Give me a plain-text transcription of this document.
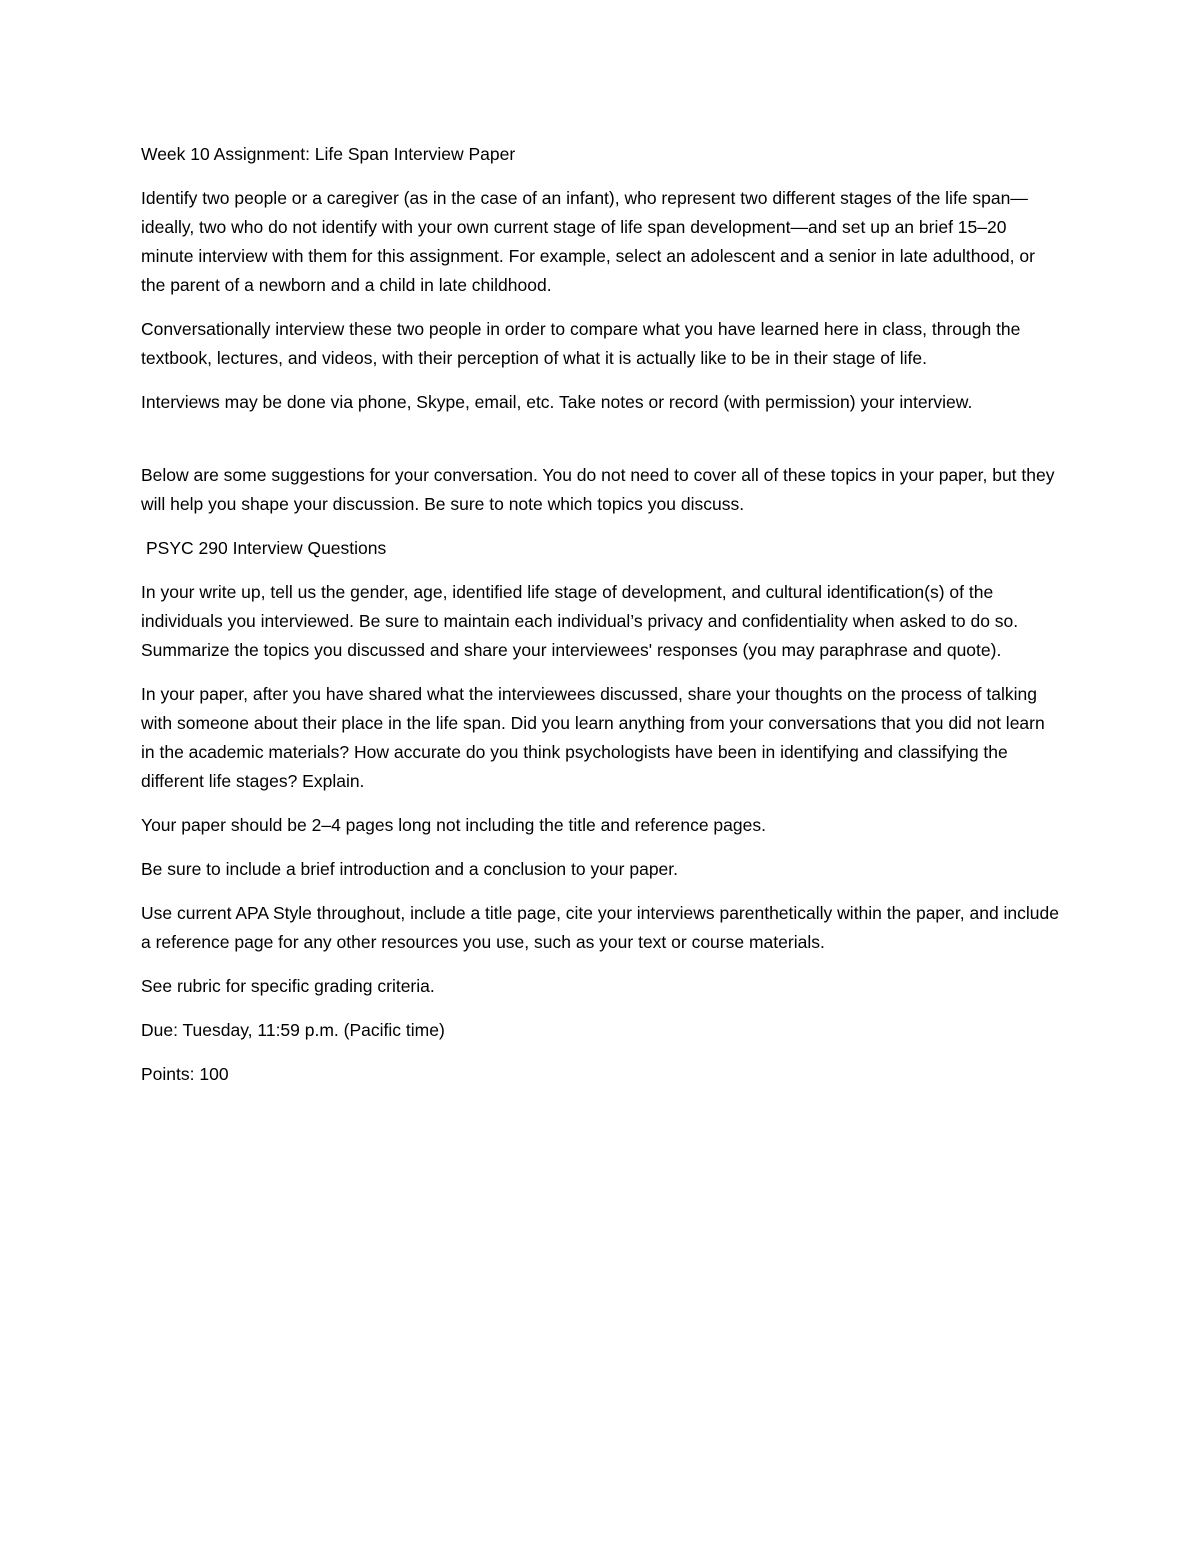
Week 10 Assignment: Life Span Interview Paper

Identify two people or a caregiver (as in the case of an infant), who represent two different stages of the life span—ideally, two who do not identify with your own current stage of life span development—and set up an brief 15–20 minute interview with them for this assignment. For example, select an adolescent and a senior in late adulthood, or the parent of a newborn and a child in late childhood.

Conversationally interview these two people in order to compare what you have learned here in class, through the textbook, lectures, and videos, with their perception of what it is actually like to be in their stage of life.

Interviews may be done via phone, Skype, email, etc. Take notes or record (with permission) your interview.

Below are some suggestions for your conversation. You do not need to cover all of these topics in your paper, but they will help you shape your discussion. Be sure to note which topics you discuss.

PSYC 290 Interview Questions

In your write up, tell us the gender, age, identified life stage of development, and cultural identification(s) of the individuals you interviewed. Be sure to maintain each individual’s privacy and confidentiality when asked to do so. Summarize the topics you discussed and share your interviewees' responses (you may paraphrase and quote).

In your paper, after you have shared what the interviewees discussed, share your thoughts on the process of talking with someone about their place in the life span. Did you learn anything from your conversations that you did not learn in the academic materials? How accurate do you think psychologists have been in identifying and classifying the different life stages? Explain.

Your paper should be 2–4 pages long not including the title and reference pages.

Be sure to include a brief introduction and a conclusion to your paper.

Use current APA Style throughout, include a title page, cite your interviews parenthetically within the paper, and include a reference page for any other resources you use, such as your text or course materials.

See rubric for specific grading criteria.

Due: Tuesday, 11:59 p.m. (Pacific time)

Points: 100
